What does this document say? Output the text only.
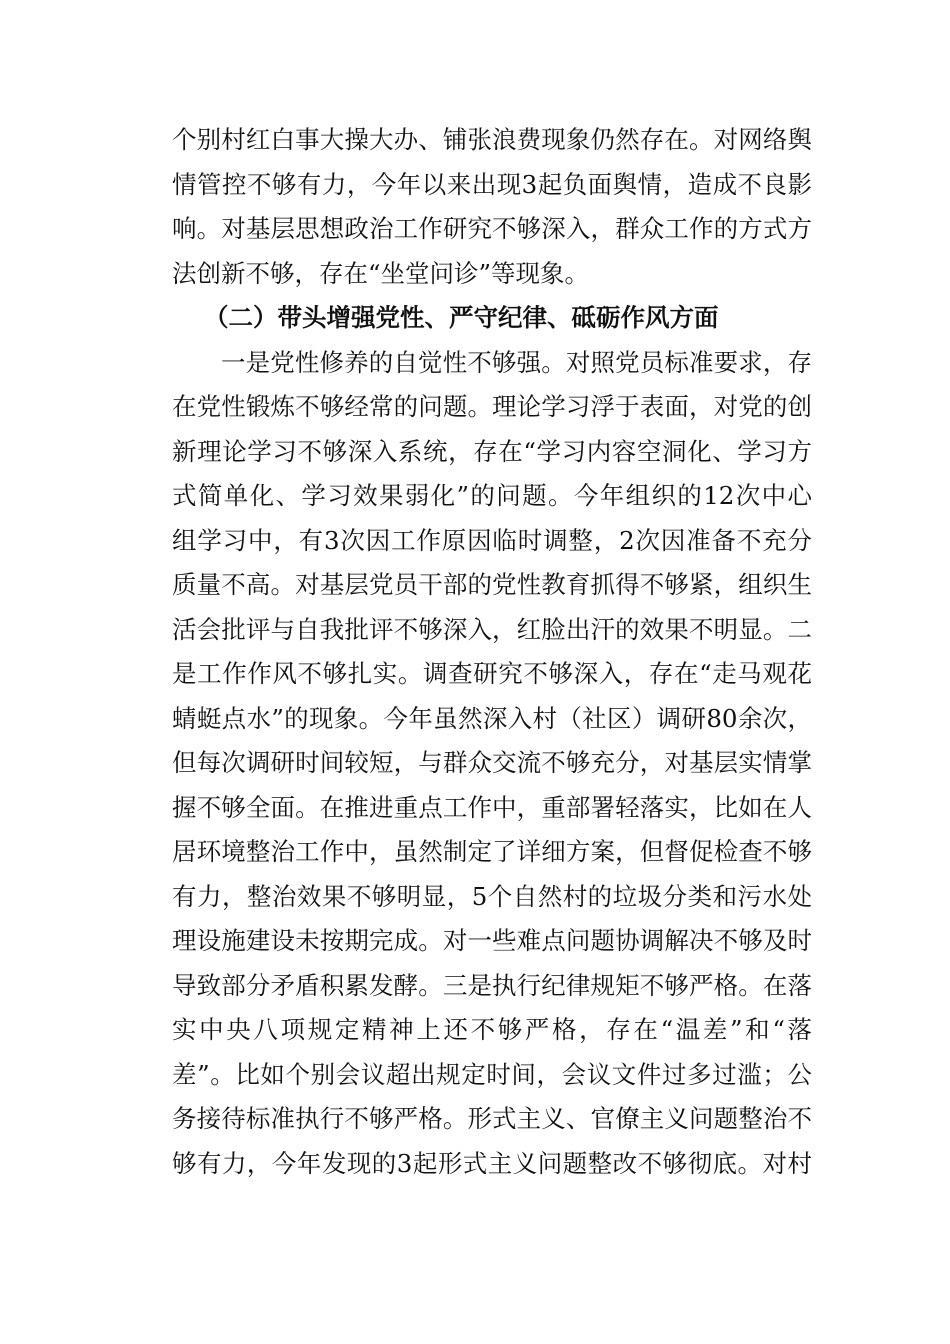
个别村红白事大操大办、铺张浪费现象仍然存在。对网络舆
情管控不够有力，今年以来出现3起负面舆情，造成不良影
响。对基层思想政治工作研究不够深入，群众工作的方式方
法创新不够，存在“坐堂问诊”等现象。
（二）带头增强党性、严守纪律、砥砺作风方面
一是党性修养的自觉性不够强。对照党员标准要求，存
在党性锻炼不够经常的问题。理论学习浮于表面，对党的创
新理论学习不够深入系统，存在“学习内容空洞化、学习方
式简单化、学习效果弱化”的问题。今年组织的12次中心
组学习中，有3次因工作原因临时调整，2次因准备不充分
质量不高。对基层党员干部的党性教育抓得不够紧，组织生
活会批评与自我批评不够深入，红脸出汗的效果不明显。二
是工作作风不够扎实。调查研究不够深入，存在“走马观花
蜻蜓点水”的现象。今年虽然深入村（社区）调研80余次，
但每次调研时间较短，与群众交流不够充分，对基层实情掌
握不够全面。在推进重点工作中，重部署轻落实，比如在人
居环境整治工作中，虽然制定了详细方案，但督促检查不够
有力，整治效果不够明显，5个自然村的垃圾分类和污水处
理设施建设未按期完成。对一些难点问题协调解决不够及时
导致部分矛盾积累发酵。三是执行纪律规矩不够严格。在落
实中央八项规定精神上还不够严格，存在“温差”和“落
差”。比如个别会议超出规定时间，会议文件过多过滥；公
务接待标准执行不够严格。形式主义、官僚主义问题整治不
够有力，今年发现的3起形式主义问题整改不够彻底。对村
